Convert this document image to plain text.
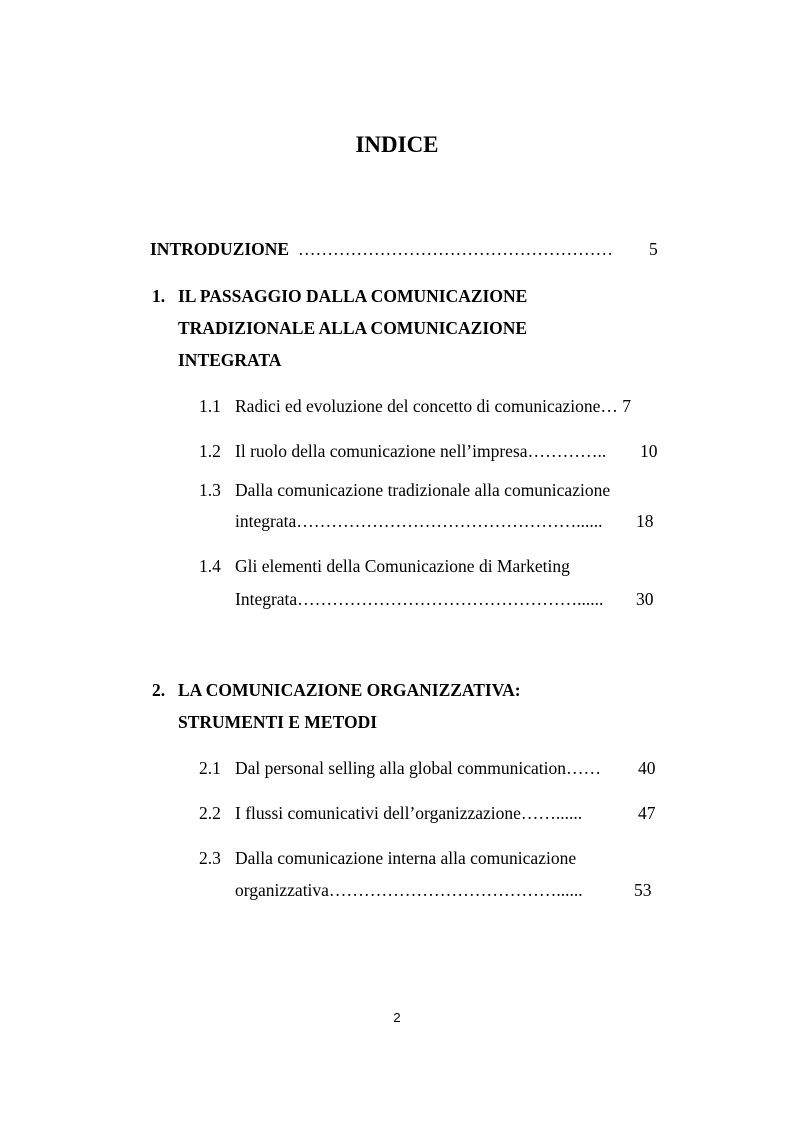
INDICE
INTRODUZIONE ……………………………………………… 5
1. IL PASSAGGIO DALLA COMUNICAZIONE
TRADIZIONALE ALLA COMUNICAZIONE
INTEGRATA
1.1 Radici ed evoluzione del concetto di comunicazione… 7
1.2 Il ruolo della comunicazione nell’impresa………….. 10
1.3 Dalla comunicazione tradizionale alla comunicazione
integrata…………………………………………...... 18
1.4 Gli elementi della Comunicazione di Marketing
Integrata…………………………………………...... 30
2. LA COMUNICAZIONE ORGANIZZATIVA:
STRUMENTI E METODI
2.1 Dal personal selling alla global communication…… 40
2.2 I flussi comunicativi dell’organizzazione……......	47
2.3 Dalla comunicazione interna alla comunicazione
organizzativa…………………………………......	53
2
